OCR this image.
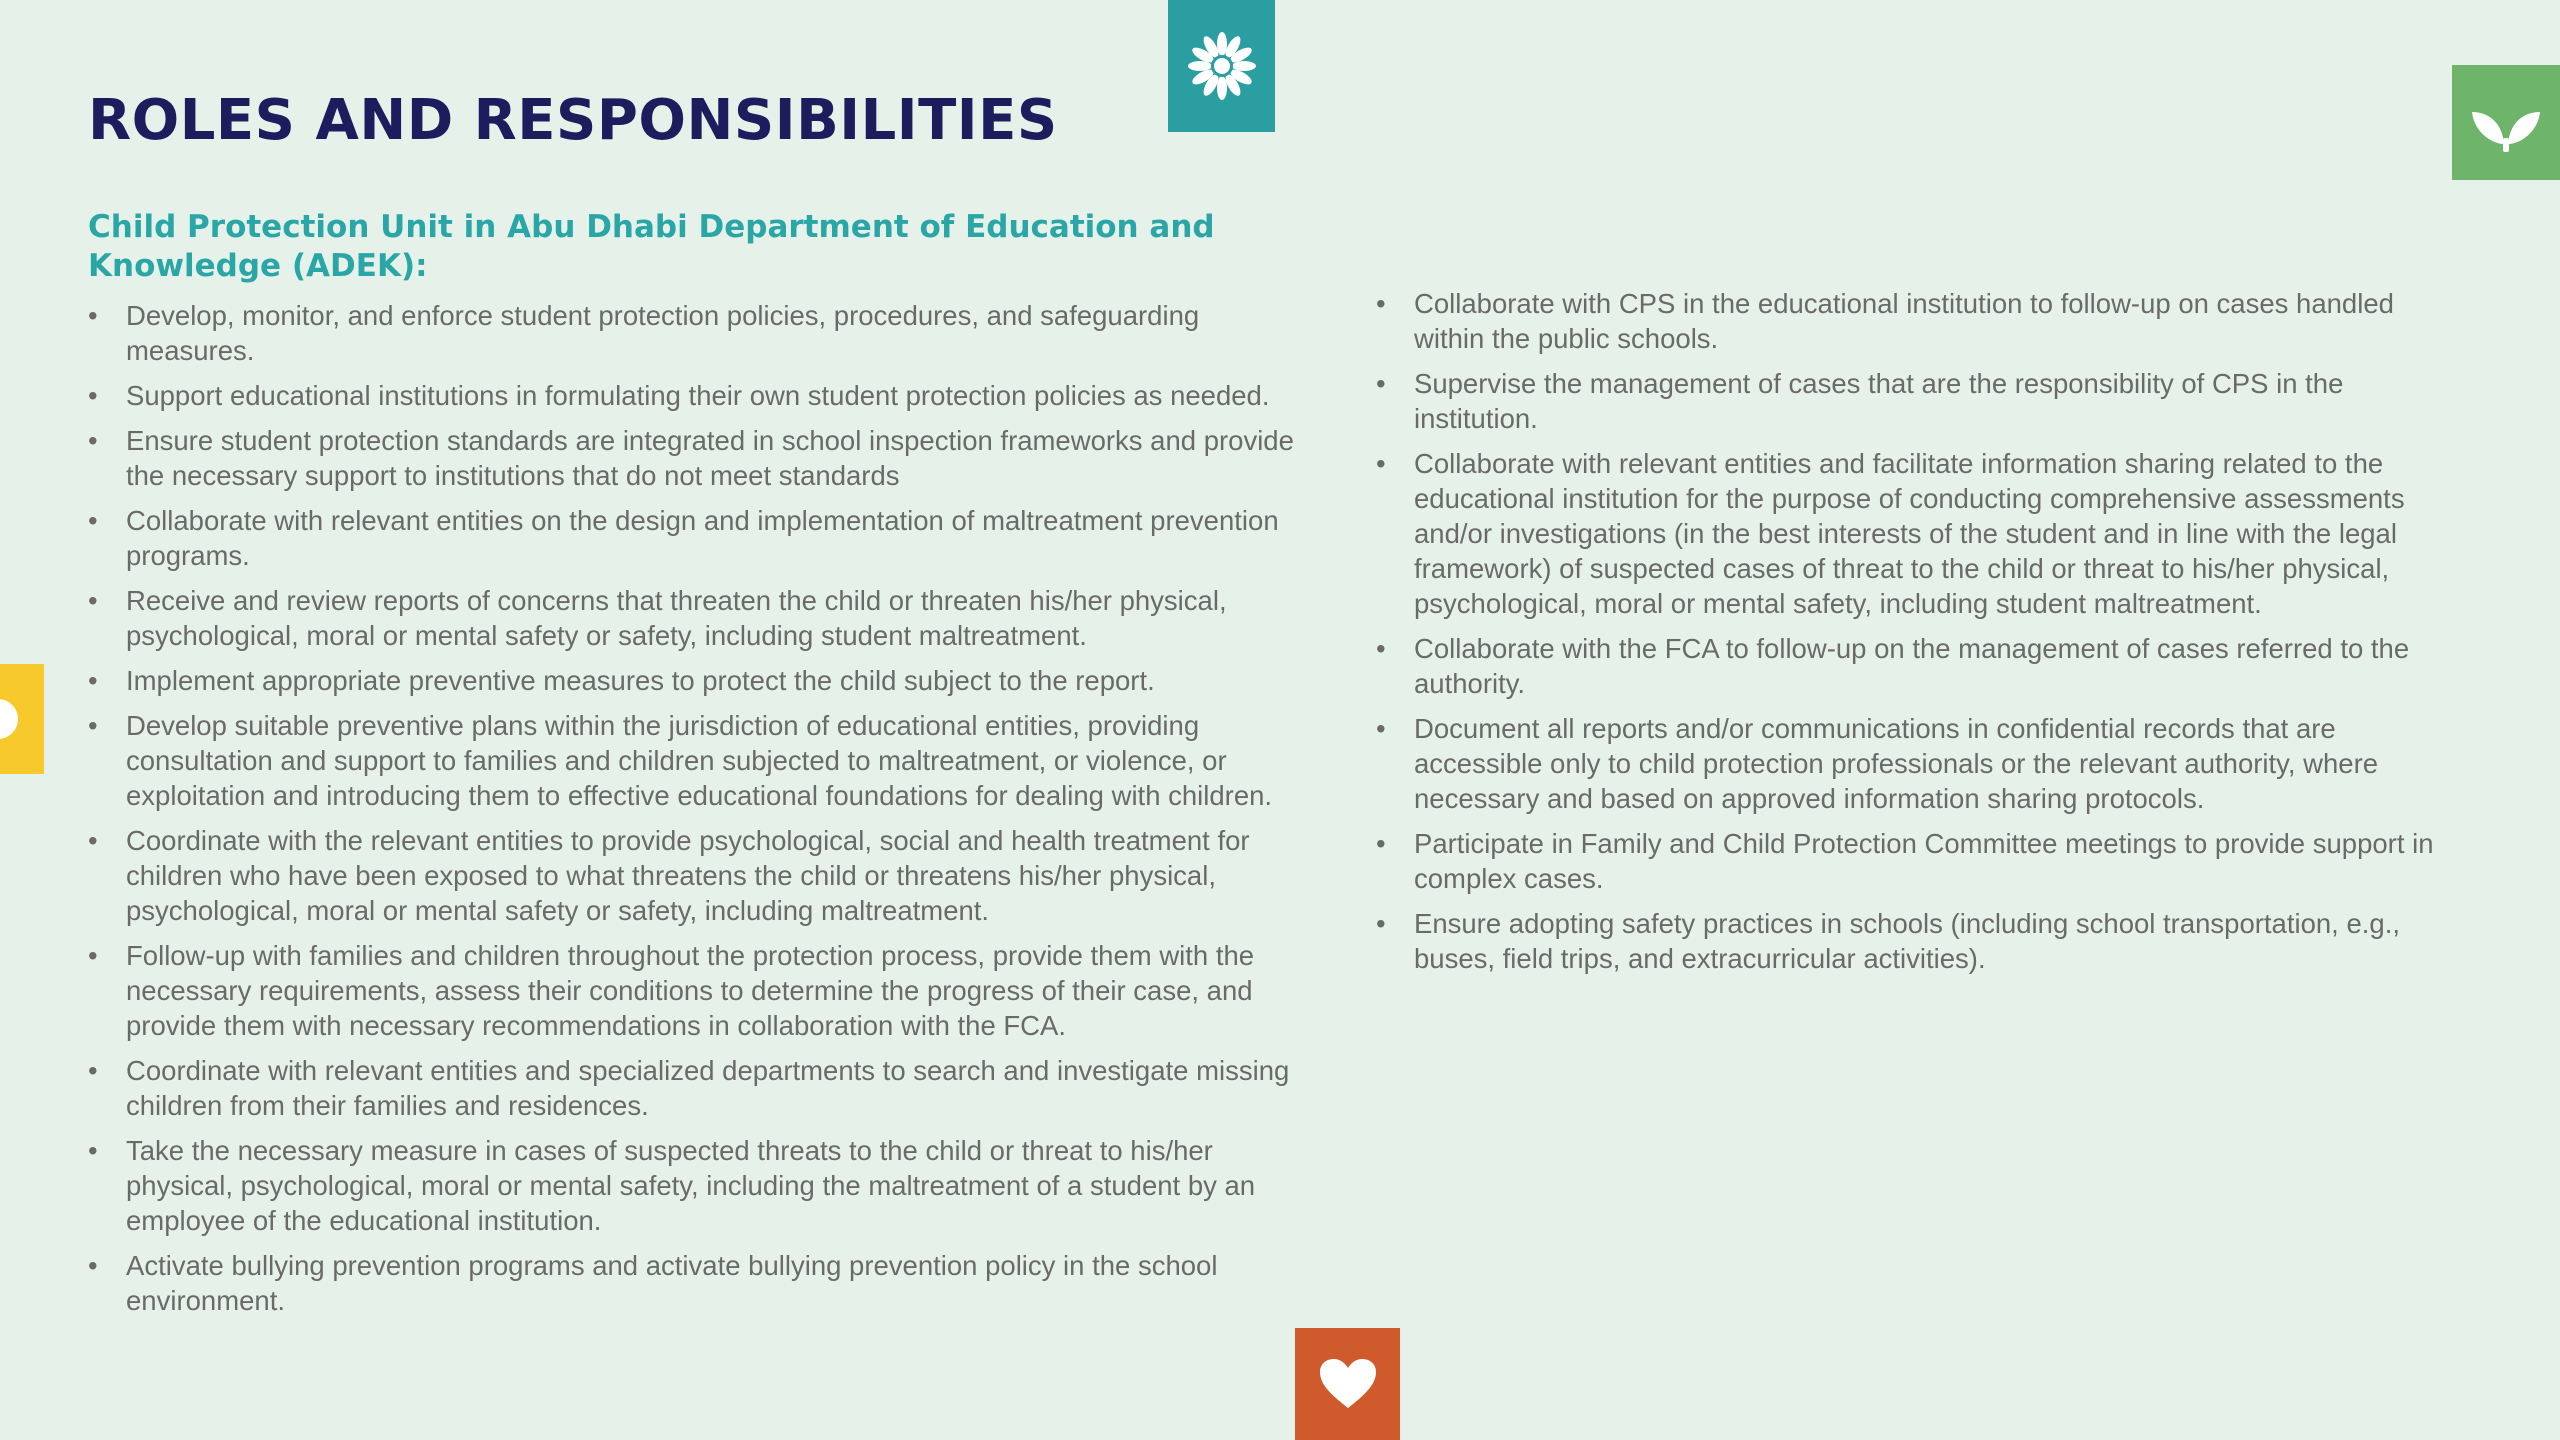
ROLES AND RESPONSIBILITIES
Child Protection Unit in Abu Dhabi Department of Education and Knowledge (ADEK):
• Develop, monitor, and enforce student protection policies, procedures, and safeguarding measures.
• Support educational institutions in formulating their own student protection policies as needed.
• Ensure student protection standards are integrated in school inspection frameworks and provide the necessary support to institutions that do not meet standards
• Collaborate with relevant entities on the design and implementation of maltreatment prevention programs.
• Receive and review reports of concerns that threaten the child or threaten his/her physical, psychological, moral or mental safety or safety, including student maltreatment.
• Implement appropriate preventive measures to protect the child subject to the report.
• Develop suitable preventive plans within the jurisdiction of educational entities, providing consultation and support to families and children subjected to maltreatment, or violence, or exploitation and introducing them to effective educational foundations for dealing with children.
• Coordinate with the relevant entities to provide psychological, social and health treatment for children who have been exposed to what threatens the child or threatens his/her physical, psychological, moral or mental safety or safety, including maltreatment.
• Follow-up with families and children throughout the protection process, provide them with the necessary requirements, assess their conditions to determine the progress of their case, and provide them with necessary recommendations in collaboration with the FCA.
• Coordinate with relevant entities and specialized departments to search and investigate missing children from their families and residences.
• Take the necessary measure in cases of suspected threats to the child or threat to his/her physical, psychological, moral or mental safety, including the maltreatment of a student by an employee of the educational institution.
• Activate bullying prevention programs and activate bullying prevention policy in the school environment.
• Collaborate with CPS in the educational institution to follow-up on cases handled within the public schools.
• Supervise the management of cases that are the responsibility of CPS in the institution.
• Collaborate with relevant entities and facilitate information sharing related to the educational institution for the purpose of conducting comprehensive assessments and/or investigations (in the best interests of the student and in line with the legal framework) of suspected cases of threat to the child or threat to his/her physical, psychological, moral or mental safety, including student maltreatment.
• Collaborate with the FCA to follow-up on the management of cases referred to the authority.
• Document all reports and/or communications in confidential records that are accessible only to child protection professionals or the relevant authority, where necessary and based on approved information sharing protocols.
• Participate in Family and Child Protection Committee meetings to provide support in complex cases.
• Ensure adopting safety practices in schools (including school transportation, e.g., buses, field trips, and extracurricular activities).
